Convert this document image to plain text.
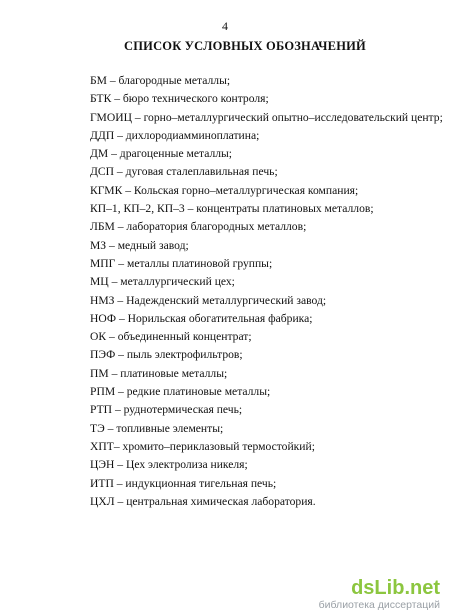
4
СПИСОК УСЛОВНЫХ ОБОЗНАЧЕНИЙ
БМ – благородные металлы;
БТК – бюро технического контроля;
ГМОИЦ – горно–металлургический опытно–исследовательский центр;
ДДП – дихлородиамминоплатина;
ДМ – драгоценные металлы;
ДСП – дуговая сталеплавильная печь;
КГМК – Кольская горно–металлургическая компания;
КП–1, КП–2, КП–3 – концентраты платиновых металлов;
ЛБМ – лаборатория благородных металлов;
МЗ – медный завод;
МПГ – металлы платиновой группы;
МЦ – металлургический цех;
НМЗ – Надежденский металлургический завод;
НОФ – Норильская обогатительная фабрика;
ОК – объединенный концентрат;
ПЭФ – пыль электрофильтров;
ПМ – платиновые металлы;
РПМ – редкие платиновые металлы;
РТП – руднотермическая печь;
ТЭ – топливные элементы;
ХПТ– хромито–периклазовый термостойкий;
ЦЭН – Цех электролиза никеля;
ИТП – индукционная тигельная печь;
ЦХЛ – центральная химическая лаборатория.
dsLib.net
библиотека диссертаций
